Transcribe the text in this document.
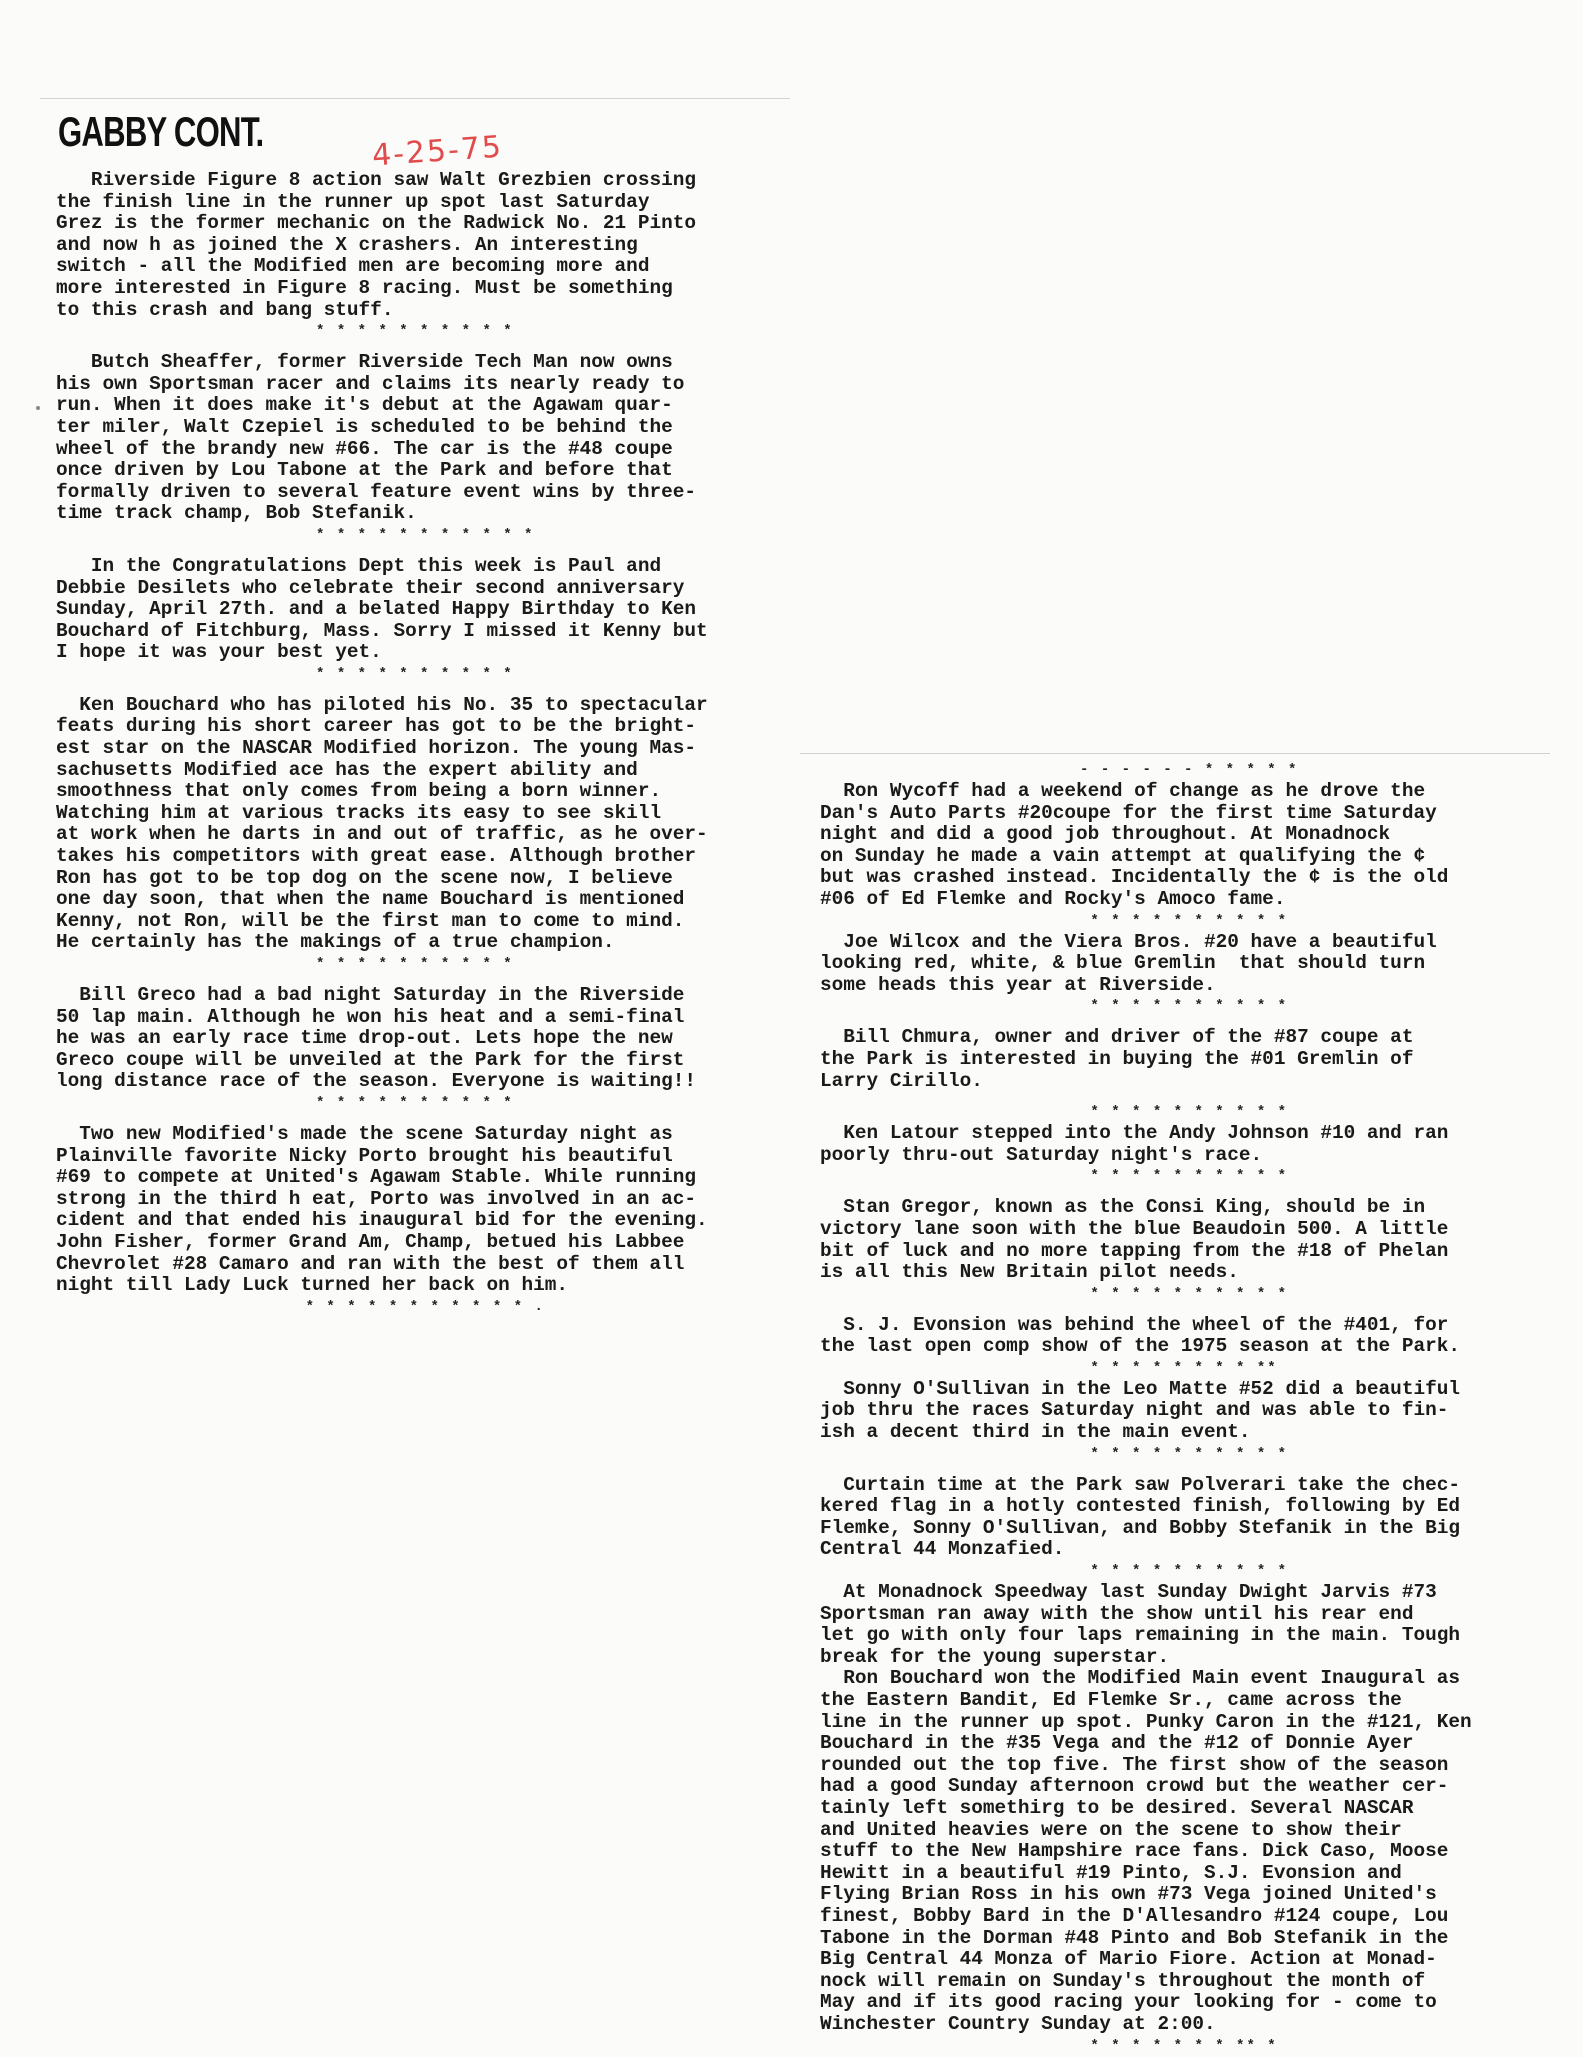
GABBY CONT.	4-25-75

Riverside Figure 8 action saw Walt Grezbien crossing
the finish line in the runner up spot last Saturday
Grez is the former mechanic on the Radwick No. 21 Pinto
and now h as joined the X crashers. An interesting
switch - all the Modified men are becoming more and
more interested in Figure 8 racing. Must be something
to this crash and bang stuff.

* * * * * * * * * *

Butch Sheaffer, former Riverside Tech Man now owns
his own Sportsman racer and claims its nearly ready to
run. When it does make it's debut at the Agawam quar-
ter miler, Walt Czepiel is scheduled to be behind the
wheel of the brandy new #66. The car is the #48 coupe
once driven by Lou Tabone at the Park and before that
formally driven to several feature event wins by three-
time track champ, Bob Stefanik.

* * * * * * * * * * *

In the Congratulations Dept this week is Paul and
Debbie Desilets who celebrate their second anniversary
Sunday, April 27th. and a belated Happy Birthday to Ken
Bouchard of Fitchburg, Mass. Sorry I missed it Kenny but
I hope it was your best yet.

* * * * * * * * * *

Ken Bouchard who has piloted his No. 35 to spectacular
feats during his short career has got to be the bright-
est star on the NASCAR Modified horizon. The young Mas-
sachusetts Modified ace has the expert ability and
smoothness that only comes from being a born winner.
Watching him at various tracks its easy to see skill
at work when he darts in and out of traffic, as he over-
takes his competitors with great ease. Although brother
Ron has got to be top dog on the scene now, I believe
one day soon, that when the name Bouchard is mentioned
Kenny, not Ron, will be the first man to come to mind.
He certainly has the makings of a true champion.

* * * * * * * * * *

Bill Greco had a bad night Saturday in the Riverside
50 lap main. Although he won his heat and a semi-final
he was an early race time drop-out. Lets hope the new
Greco coupe will be unveiled at the Park for the first
long distance race of the season. Everyone is waiting!!

* * * * * * * * * *

Two new Modified's made the scene Saturday night as
Plainville favorite Nicky Porto brought his beautiful
#69 to compete at United's Agawam Stable. While running
strong in the third h eat, Porto was involved in an ac-
cident and that ended his inaugural bid for the evening.
John Fisher, former Grand Am, Champ, betued his Labbee
Chevrolet #28 Camaro and ran with the best of them all
night till Lady Luck turned her back on him.

* * * * * * * * * * * .

- - - - - - * * * * *

Ron Wycoff had a weekend of change as he drove the
Dan's Auto Parts #20coupe for the first time Saturday
night and did a good job throughout. At Monadnock
on Sunday he made a vain attempt at qualifying the ¢
but was crashed instead. Incidentally the ¢ is the old
#06 of Ed Flemke and Rocky's Amoco fame.

* * * * * * * * * *

Joe Wilcox and the Viera Bros. #20 have a beautiful
looking red, white, & blue Gremlin  that should turn
some heads this year at Riverside.

* * * * * * * * * *

Bill Chmura, owner and driver of the #87 coupe at
the Park is interested in buying the #01 Gremlin of
Larry Cirillo.

* * * * * * * * * *

Ken Latour stepped into the Andy Johnson #10 and ran
poorly thru-out Saturday night's race.

* * * * * * * * * *

Stan Gregor, known as the Consi King, should be in
victory lane soon with the blue Beaudoin 500. A little
bit of luck and no more tapping from the #18 of Phelan
is all this New Britain pilot needs.

* * * * * * * * * *

S. J. Evonsion was behind the wheel of the #401, for
the last open comp show of the 1975 season at the Park.

* * * * * * * * **

Sonny O'Sullivan in the Leo Matte #52 did a beautiful
job thru the races Saturday night and was able to fin-
ish a decent third in the main event.

* * * * * * * * * *

Curtain time at the Park saw Polverari take the chec-
kered flag in a hotly contested finish, following by Ed
Flemke, Sonny O'Sullivan, and Bobby Stefanik in the Big
Central 44 Monzafied.

* * * * * * * * * *

At Monadnock Speedway last Sunday Dwight Jarvis #73
Sportsman ran away with the show until his rear end
let go with only four laps remaining in the main. Tough
break for the young superstar.
Ron Bouchard won the Modified Main event Inaugural as
the Eastern Bandit, Ed Flemke Sr., came across the
line in the runner up spot. Punky Caron in the #121, Ken
Bouchard in the #35 Vega and the #12 of Donnie Ayer
rounded out the top five. The first show of the season
had a good Sunday afternoon crowd but the weather cer-
tainly left somethirg to be desired. Several NASCAR
and United heavies were on the scene to show their
stuff to the New Hampshire race fans. Dick Caso, Moose
Hewitt in a beautiful #19 Pinto, S.J. Evonsion and
Flying Brian Ross in his own #73 Vega joined United's
finest, Bobby Bard in the D'Allesandro #124 coupe, Lou
Tabone in the Dorman #48 Pinto and Bob Stefanik in the
Big Central 44 Monza of Mario Fiore. Action at Monad-
nock will remain on Sunday's throughout the month of
May and if its good racing your looking for - come to
Winchester Country Sunday at 2:00.

* * * * * * * ** *
